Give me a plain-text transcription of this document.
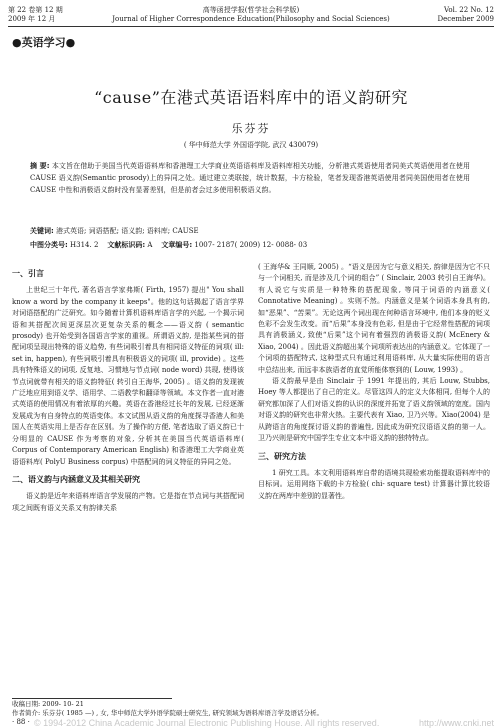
第 22 卷第 12 期
2009 年 12 月
高等函授学报(哲学社会科学版)
Journal of Higher Correspondence Education(Philosophy and Social Sciences)
Vol. 22 No. 12
December 2009
●英语学习●
“cause”在港式英语语料库中的语义韵研究
乐芬芬
( 华中师范大学 外国语学院, 武汉 430079)
摘 要: 本文旨在借助于美国当代英语语料库和香港理工大学商业英语语料库及语料库相关功能，分析港式英语使用者同美式英语使用者在使用 CAUSE 语义韵(Semantic prosody)上的异同之处。通过建立类联接，统计数据，卡方检验，笔者发现香港英语使用者同美国使用者在使用 CAUSE 中性和消极语义韵时没有显著差别，但是前者会过多使用积极语义韵。
关键词: 港式英语; 词语搭配; 语义韵; 语料库; CAUSE
中图分类号: H314. 2 文献标识码: A 文章编号: 1007- 2187( 2009) 12- 0088- 03
一、引言
上世纪三十年代, 著名语言学家弗斯( Firth, 1957) 提出" You shall know a word by the company it keeps"。他的这句话揭起了语言学界对词语搭配的广泛研究。如今随着计算机语料库语言学的兴起, 一个揭示词语和其搭配次间更深层次更复杂关系的概念——语义韵 ( semantic prosody) 也开始受到各国语言学家的重视。所谓语义韵, 是指某些词的搭配词项呈现出特殊的语义趋势, 有些词吸引着具有相同语义特征的词项( ill: set in, happen), 有些词吸引着具有积极语义的词项( ill, provide) 。这些具有特殊语义的词项, 反复地、习惯地与节点词( node word) 共现, 使得该节点词就带有相关的语义韵特征( 转引自王海华, 2005) 。语义韵的发现被广泛地应用到语义学、语用学、二语教学和翻译等领域。本文作者一直对港式英语的使用情况有着浓厚的兴趣。英语在香港经过长年的发展, 已经逐渐发展成为有自身特点的英语变体。本文试图从语义韵的角度探寻香港人和美国人在英语实用上是否存在区别。为了操作的方便, 笔者选取了语义韵已十分明显的 CAUSE 作为考察的对象, 分析其在美国当代英语语料库( Corpus of Contemporary American English) 和香港理工大学商业英语语料库( PolyU Business corpus) 中搭配词的词义特征的异同之处。
二、语义韵与内涵意义及其相关研究
语义韵是近年来语料库语言学发展的产物。它是指在节点词与其搭配词项之间既有语义关系又有韵律关系
( 王海华& 王同顺, 2005) 。“语义是因为它与意义相关, 韵律是因为它不只与一个词相关, 而是涉及几个词的组合” ( Sinclair, 2003 转引自王海华)。有人说它与实质是一种特殊的搭配现象, 等同于词语的内涵意义( Connotative Meaning) 。实则不然。内涵意义是某个词语本身具有的, 如“恶果”、“苦果”。无论这两个词出现在何种语言环境中, 他们本身的贬义色彩不会发生改变。而“后果”本身没有色彩, 但是由于它经常性搭配的词项具有消极涵义, 致使“后果”这个词有着强烈的消极语义韵( McEnery & Xiao, 2004) 。因此语义韵超出某个词项所表达出的内涵意义。它体现了一个词项的搭配特式, 这种型式只有通过利用语料库, 从大量实际使用的语言中总结出来, 而远非本族语者的直觉所能体察到的( Louw, 1993) 。
语义韵最早是由 Sinclair 于 1991 年提出的, 其后 Louw, Stubbs, Hoey 等人都提出了自己的定义。尽管这四人的定义大体相同, 但每个人的研究都加深了人们对语义韵的认识的深度并拓宽了语义韵领域的宽度。国内对语义韵的研究也非常火热。主要代表有 Xiao, 卫乃兴等。Xiao(2004) 是从跨语言的角度探讨语义韵的普遍性, 因此成为研究汉语语义韵的第一人。卫乃兴则是研究中国学生专业文本中语义韵的独特特点。
三、研究方法
1 研究工具。本文利用语料库自带的语境共现检索功能提取语料库中的目标词。运用网络下载的卡方检验( chi- square test) 计算器计算比较语义韵在两库中差别的显著性。
收稿日期: 2009- 10- 21
作者简介: 乐芬芬( 1985 —) , 女, 华中师范大学外语学院硕士研究生, 研究领域为语料库语言学及语话分析。
· 88 · © 1994-2012 China Academic Journal Electronic Publishing House. All rights reserved.	http://www.cnki.net
